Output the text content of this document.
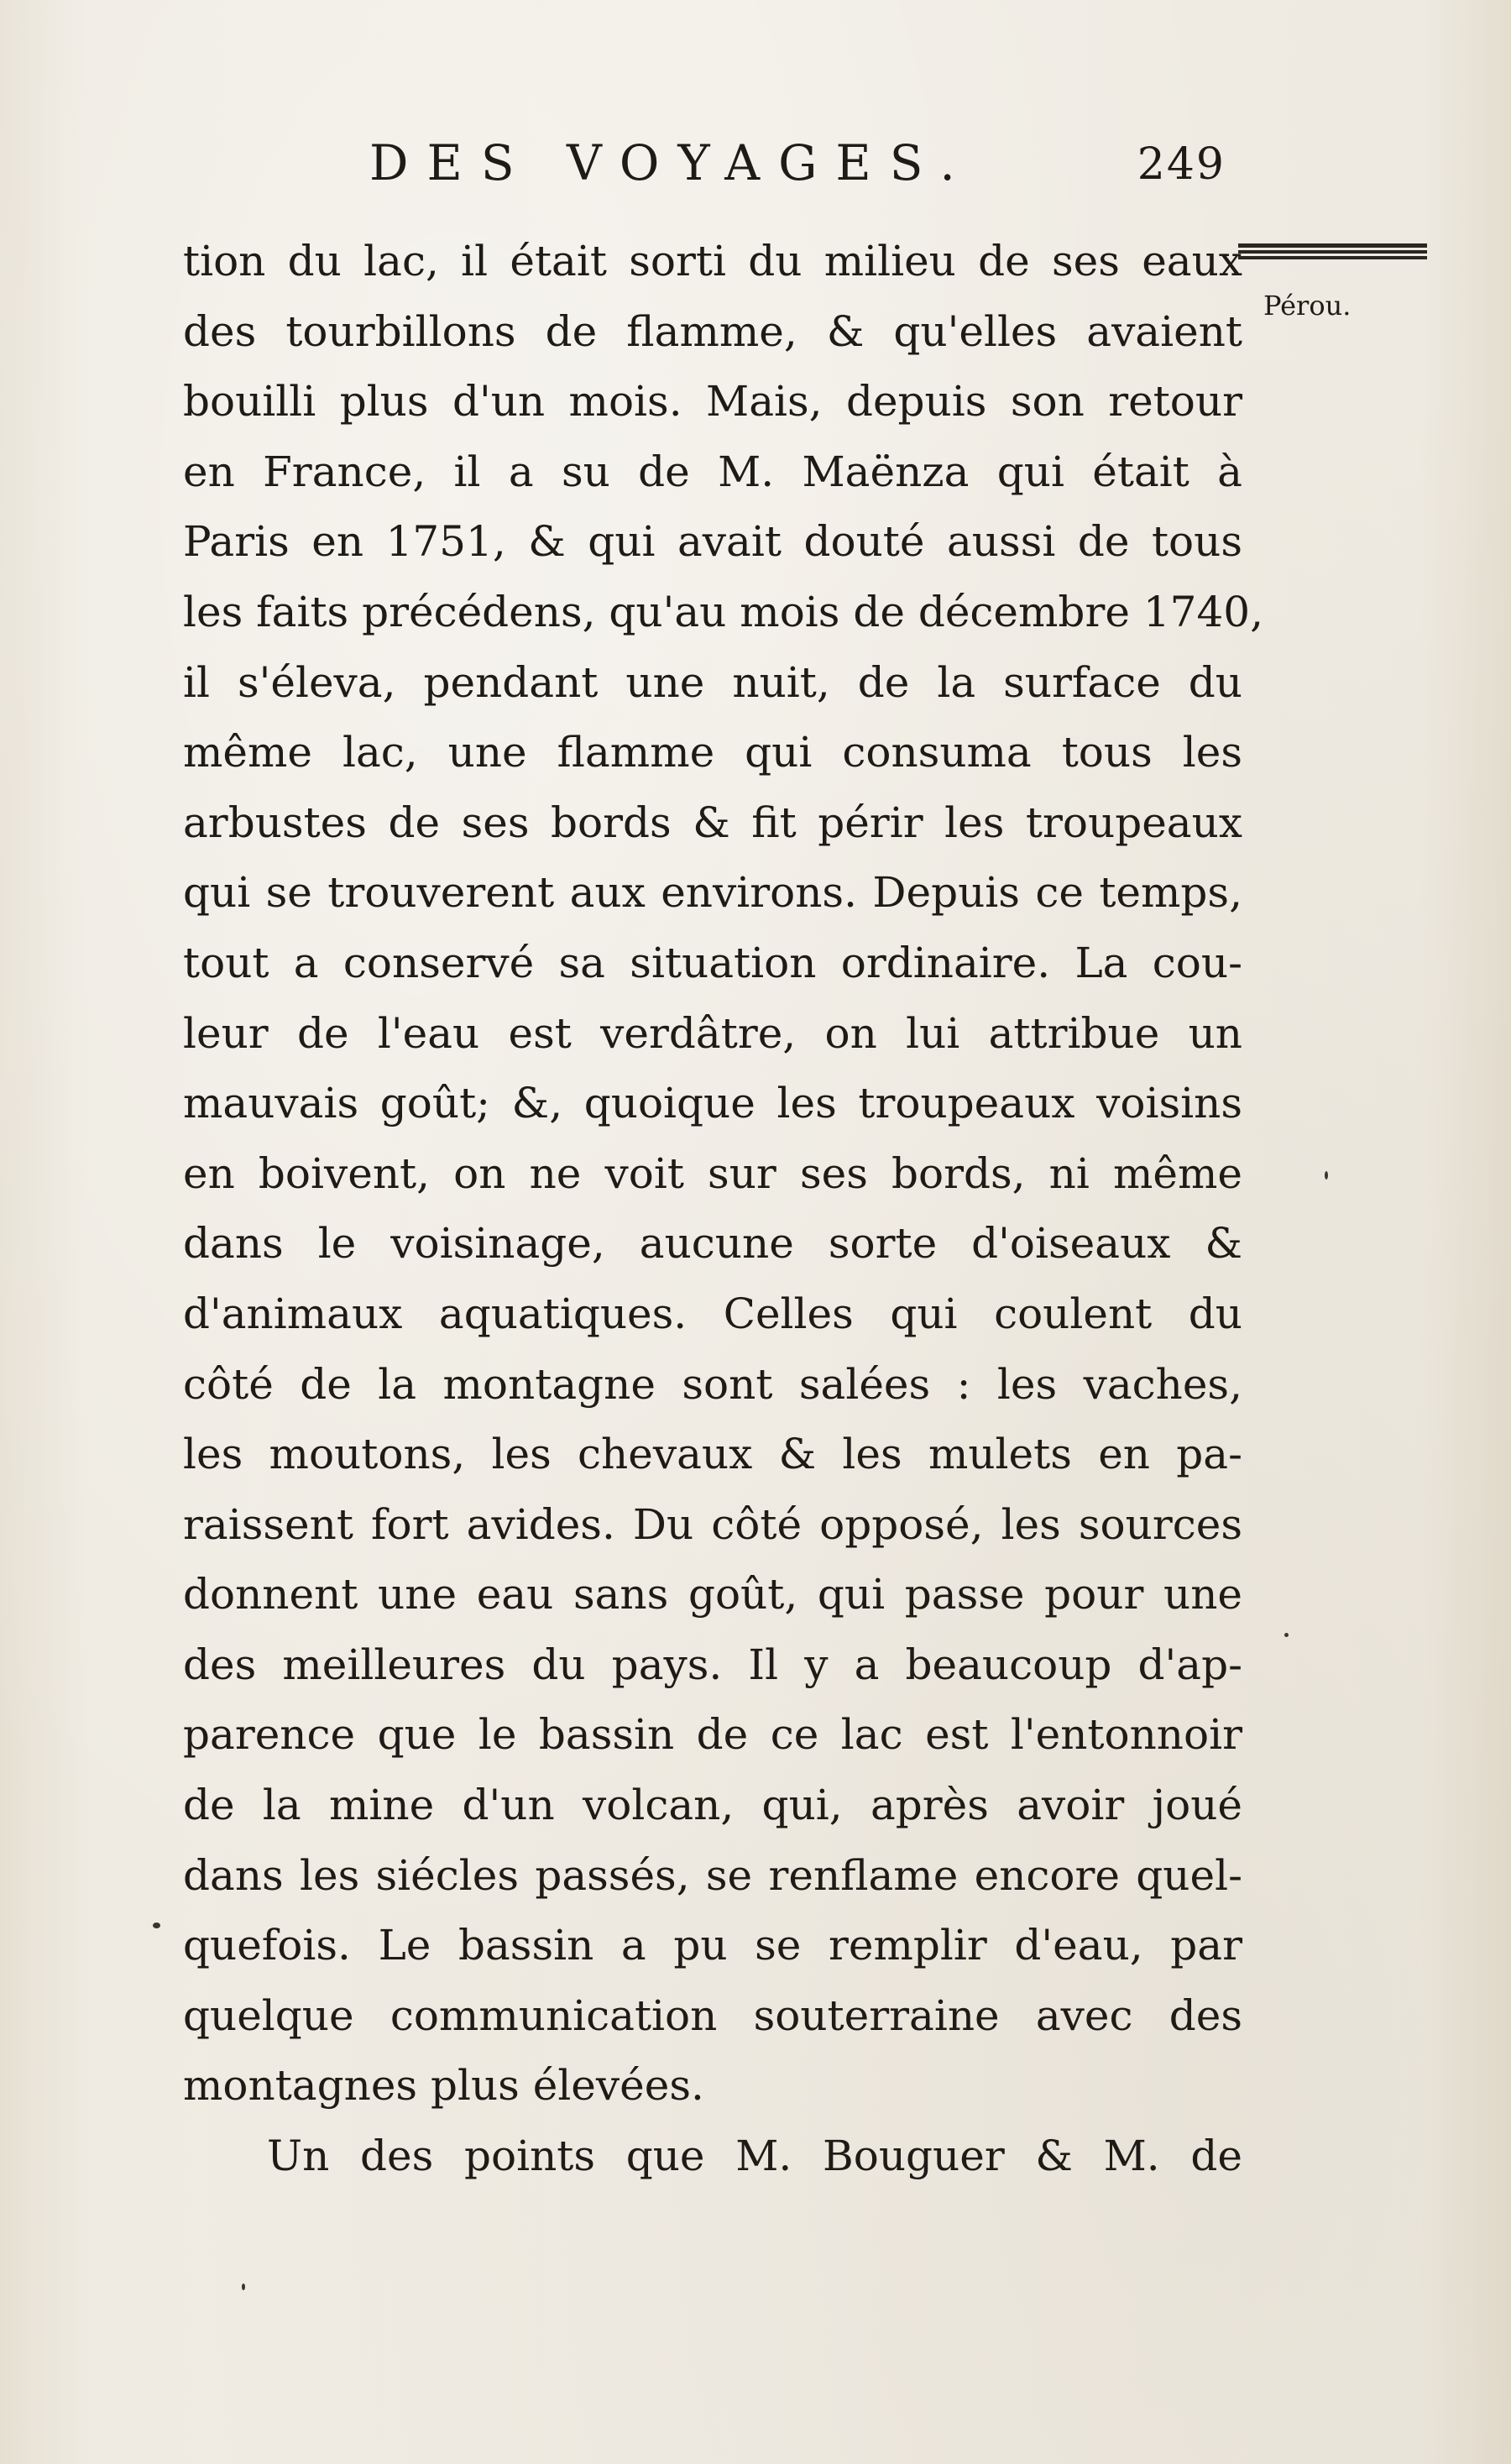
DES VOYAGES.	249
Pérou.
tion du lac, il était sorti du milieu de ses eaux
des tourbillons de flamme, & qu'elles avaient
bouilli plus d'un mois. Mais, depuis son retour
en France, il a su de M. Maënza qui était à
Paris en 1751, & qui avait douté aussi de tous
les faits précédens, qu'au mois de décembre 1740,
il s'éleva, pendant une nuit, de la surface du
même lac, une flamme qui consuma tous les
arbustes de ses bords & fit périr les troupeaux
qui se trouverent aux environs. Depuis ce temps,
tout a conservé sa situation ordinaire. La cou-
leur de l'eau est verdâtre, on lui attribue un
mauvais goût; &, quoique les troupeaux voisins
en boivent, on ne voit sur ses bords, ni même
dans le voisinage, aucune sorte d'oiseaux &
d'animaux aquatiques. Celles qui coulent du
côté de la montagne sont salées : les vaches,
les moutons, les chevaux & les mulets en pa-
raissent fort avides. Du côté opposé, les sources
donnent une eau sans goût, qui passe pour une
des meilleures du pays. Il y a beaucoup d'ap-
parence que le bassin de ce lac est l'entonnoir
de la mine d'un volcan, qui, après avoir joué
dans les siécles passés, se renflame encore quel-
quefois. Le bassin a pu se remplir d'eau, par
quelque communication souterraine avec des
montagnes plus élevées.
Un des points que M. Bouguer & M. de
